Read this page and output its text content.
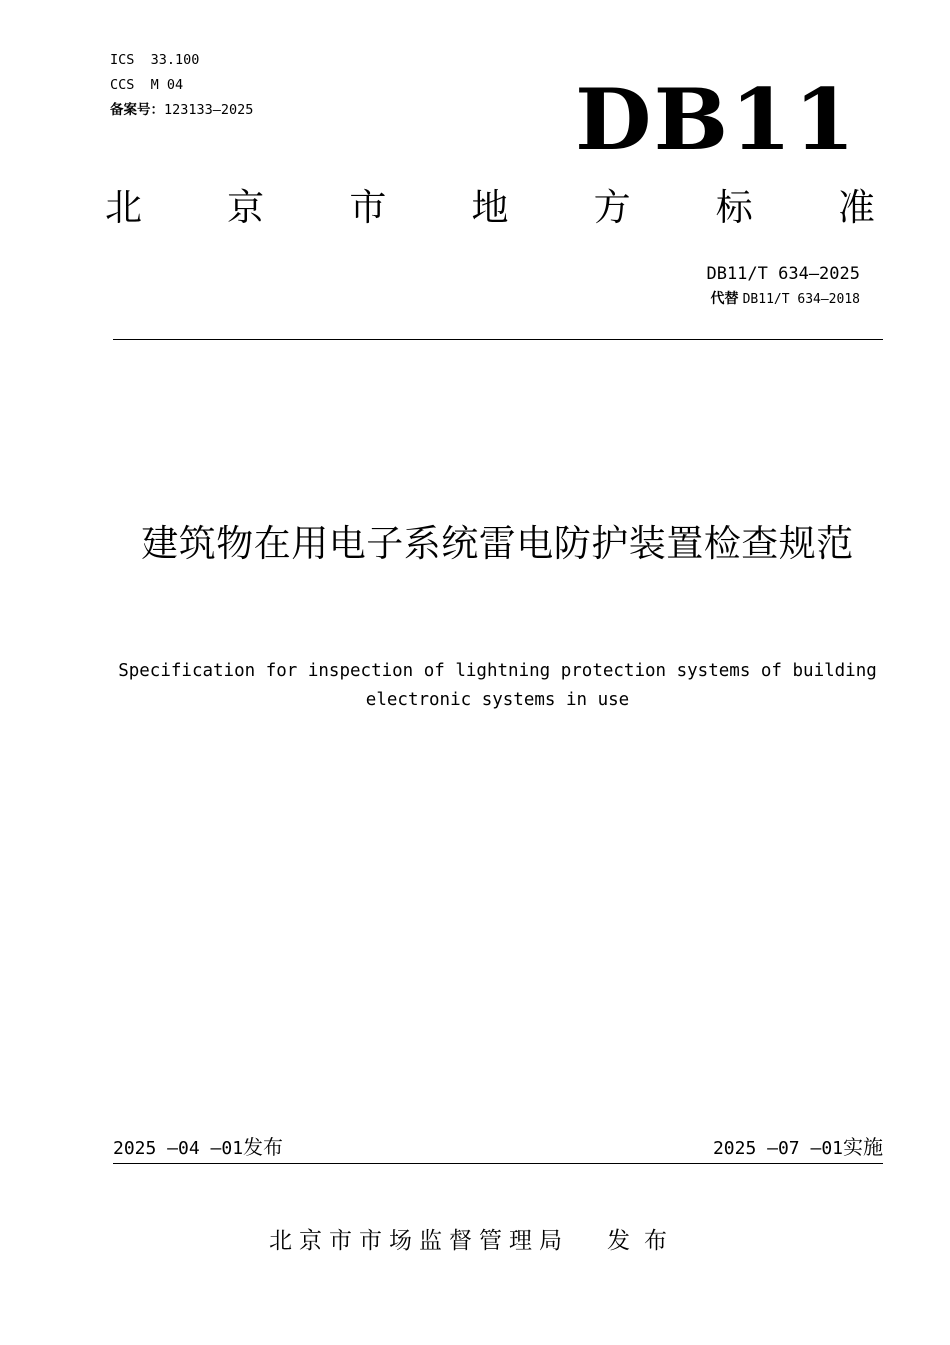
ICS  33.100
CCS  M 04
备案号：123133—2025	DB11
北 京 市 地 方 标 准
DB11/T 634—2025
代替 DB11/T 634—2018
建筑物在用电子系统雷电防护装置检查规范
Specification for inspection of lightning protection systems of building electronic systems in use
2025 —04 —01发布	2025 —07 —01实施
北京市市场监督管理局 发布
